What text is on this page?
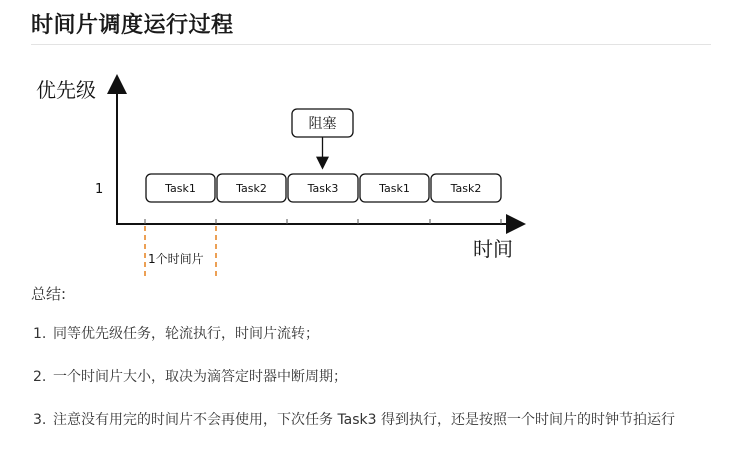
时间片调度运行过程
优先级
时间
1	Task1	Task2	Task3	Task1	Task2
阻塞
1个时间片
总结:
1. 同等优先级任务，轮流执行，时间片流转；
2. 一个时间片大小，取决为滴答定时器中断周期；
3. 注意没有用完的时间片不会再使用，下次任务 Task3 得到执行，还是按照一个时间片的时钟节拍运行
